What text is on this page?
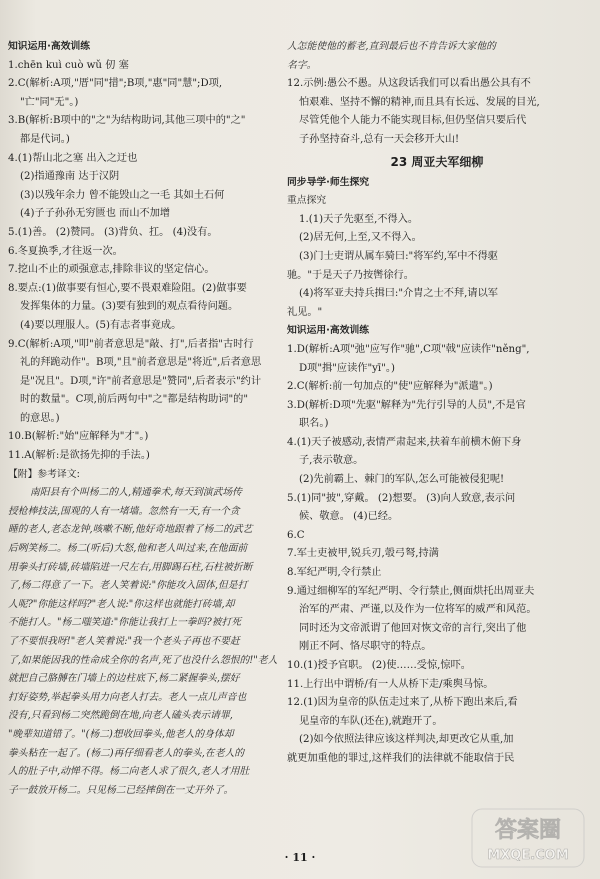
知识运用·高效训练
1.chēn kuì cuò wǔ 仞 塞
2.C(解析:A项,"厝"同"措";B项,"惠"同"慧";D项,
"亡"同"无"。)
3.B(解析:B项中的"之"为结构助词,其他三项中的"之"
都是代词。)
4.(1)帮山北之塞 出入之迂也
(2)指通豫南 达于汉阴
(3)以残年余力 曾不能毁山之一毛 其如土石何
(4)子子孙孙无穷匮也 而山不加增
5.(1)善。 (2)赞同。 (3)背负、扛。 (4)没有。
6.冬夏换季,才往返一次。
7.挖山不止的顽强意志,排除非议的坚定信心。
8.要点:(1)做事要有恒心,要不畏艰难险阻。(2)做事要
发挥集体的力量。(3)要有独到的观点看待问题。
(4)要以理服人。(5)有志者事竟成。
9.C(解析:A项,"叩"前者意思是"敲、打",后者指"古时行
礼的拜跪动作"。B项,"且"前者意思是"将近",后者意思
是"况且"。D项,"许"前者意思是"赞同",后者表示"约计
时的数量"。C项,前后两句中"之"都是结构助词"的"
的意思。)
10.B(解析:"始"应解释为"才"。)
11.A(解析:是欲扬先抑的手法。)
【附】参考译文:
南阳县有个叫杨二的人,精通拳术,每天到演武场传
授枪棒技法,围观的人有一堵墙。忽然有一天,有一个贪
睡的老人,老态龙钟,咳嗽不断,他好奇地跟着了杨二的武艺
后咧笑杨二。杨二(听后)大怒,他和老人叫过来,在他面前
用拳头打砖墙,砖墙陷进一尺左右,用脚踢石柱,石柱被折断
了,杨二得意了一下。老人笑着说:"你能攻入固体,但是打
人呢?"你能这样吗?"老人说:"你这样也就能打砖墙,却
不能打人。"杨二嗤笑道:"你能让我打上一拳吗?被打死
了不要恨我呀!"老人笑着说:"我一个老头子再也不要赶
了,如果能因我的性命成全你的名声,死了也没什么怨恨的!"老人
就把自己胳膊在门墙上的边柱底下,杨二紧握拳头,摆好
打好姿势,举起拳头用力向老人打去。老人一点儿声音也
没有,只看到杨二突然跪倒在地,向老人磕头表示请罪,
"晚辈知道错了。"(杨二)想收回拳头,他老人的身体却
拳头粘在一起了。(杨二)再仔细看老人的拳头,在老人的
人的肚子中,动惮不得。杨二向老人求了很久,老人才用肚
子一鼓放开杨二。只见杨二已经摔倒在一丈开外了。
人怎能使他的蓄老,直到最后也不肯告诉大家他的
名字。
12.示例:愚公不愚。从这段话我们可以看出愚公具有不
怕艰难、坚持不懈的精神,而且具有长远、发展的目光,
尽管凭他个人能力不能实现目标,但仍坚信只要后代
子孙坚持奋斗,总有一天会移开大山!
23 周亚夫军细柳
同步导学·师生探究
重点探究
1.(1)天子先驱至,不得入。
(2)居无何,上至,又不得入。
(3)门士吏谓从属车骑曰:"将军约,军中不得驱
驰。"于是天子乃按辔徐行。
(4)将军亚夫持兵揖曰:"介胄之士不拜,请以军
礼见。"
知识运用·高效训练
1.D(解析:A项"弛"应写作"驰",C项"戟"应读作"něng",
D项"揖"应读作"yī"。)
2.C(解析:前一句加点的"使"应解释为"派遣"。)
3.D(解析:D项"先驱"解释为"先行引导的人员",不是官
职名。)
4.(1)天子被感动,表情严肃起来,扶着车前横木俯下身
子,表示敬意。
(2)先前霸上、棘门的军队,怎么可能被侵犯呢!
5.(1)同"披",穿戴。 (2)想要。 (3)向人致意,表示问
候、敬意。 (4)已经。
6.C
7.军士吏被甲,锐兵刃,彀弓弩,持满
8.军纪严明,令行禁止
9.通过细柳军的军纪严明、令行禁止,侧面烘托出周亚夫
治军的严肃、严谨,以及作为一位将军的威严和风范。
同时还为文帝派谓了他回对恢文帝的言行,突出了他
刚正不阿、恪尽职守的特点。
10.(1)授予官职。 (2)使……受惊,惊吓。
11.上行出中谓桥/有一人从桥下走/乘舆马惊。
12.(1)因为皇帝的队伍走过来了,从桥下跑出来后,看
见皇帝的车队(还在),就跑开了。
(2)如今依照法律应该这样判决,却更改它从重,加
就更加重他的罪过,这样我们的法律就不能取信于民
· 11 ·
答案圈
MXQE.COM
